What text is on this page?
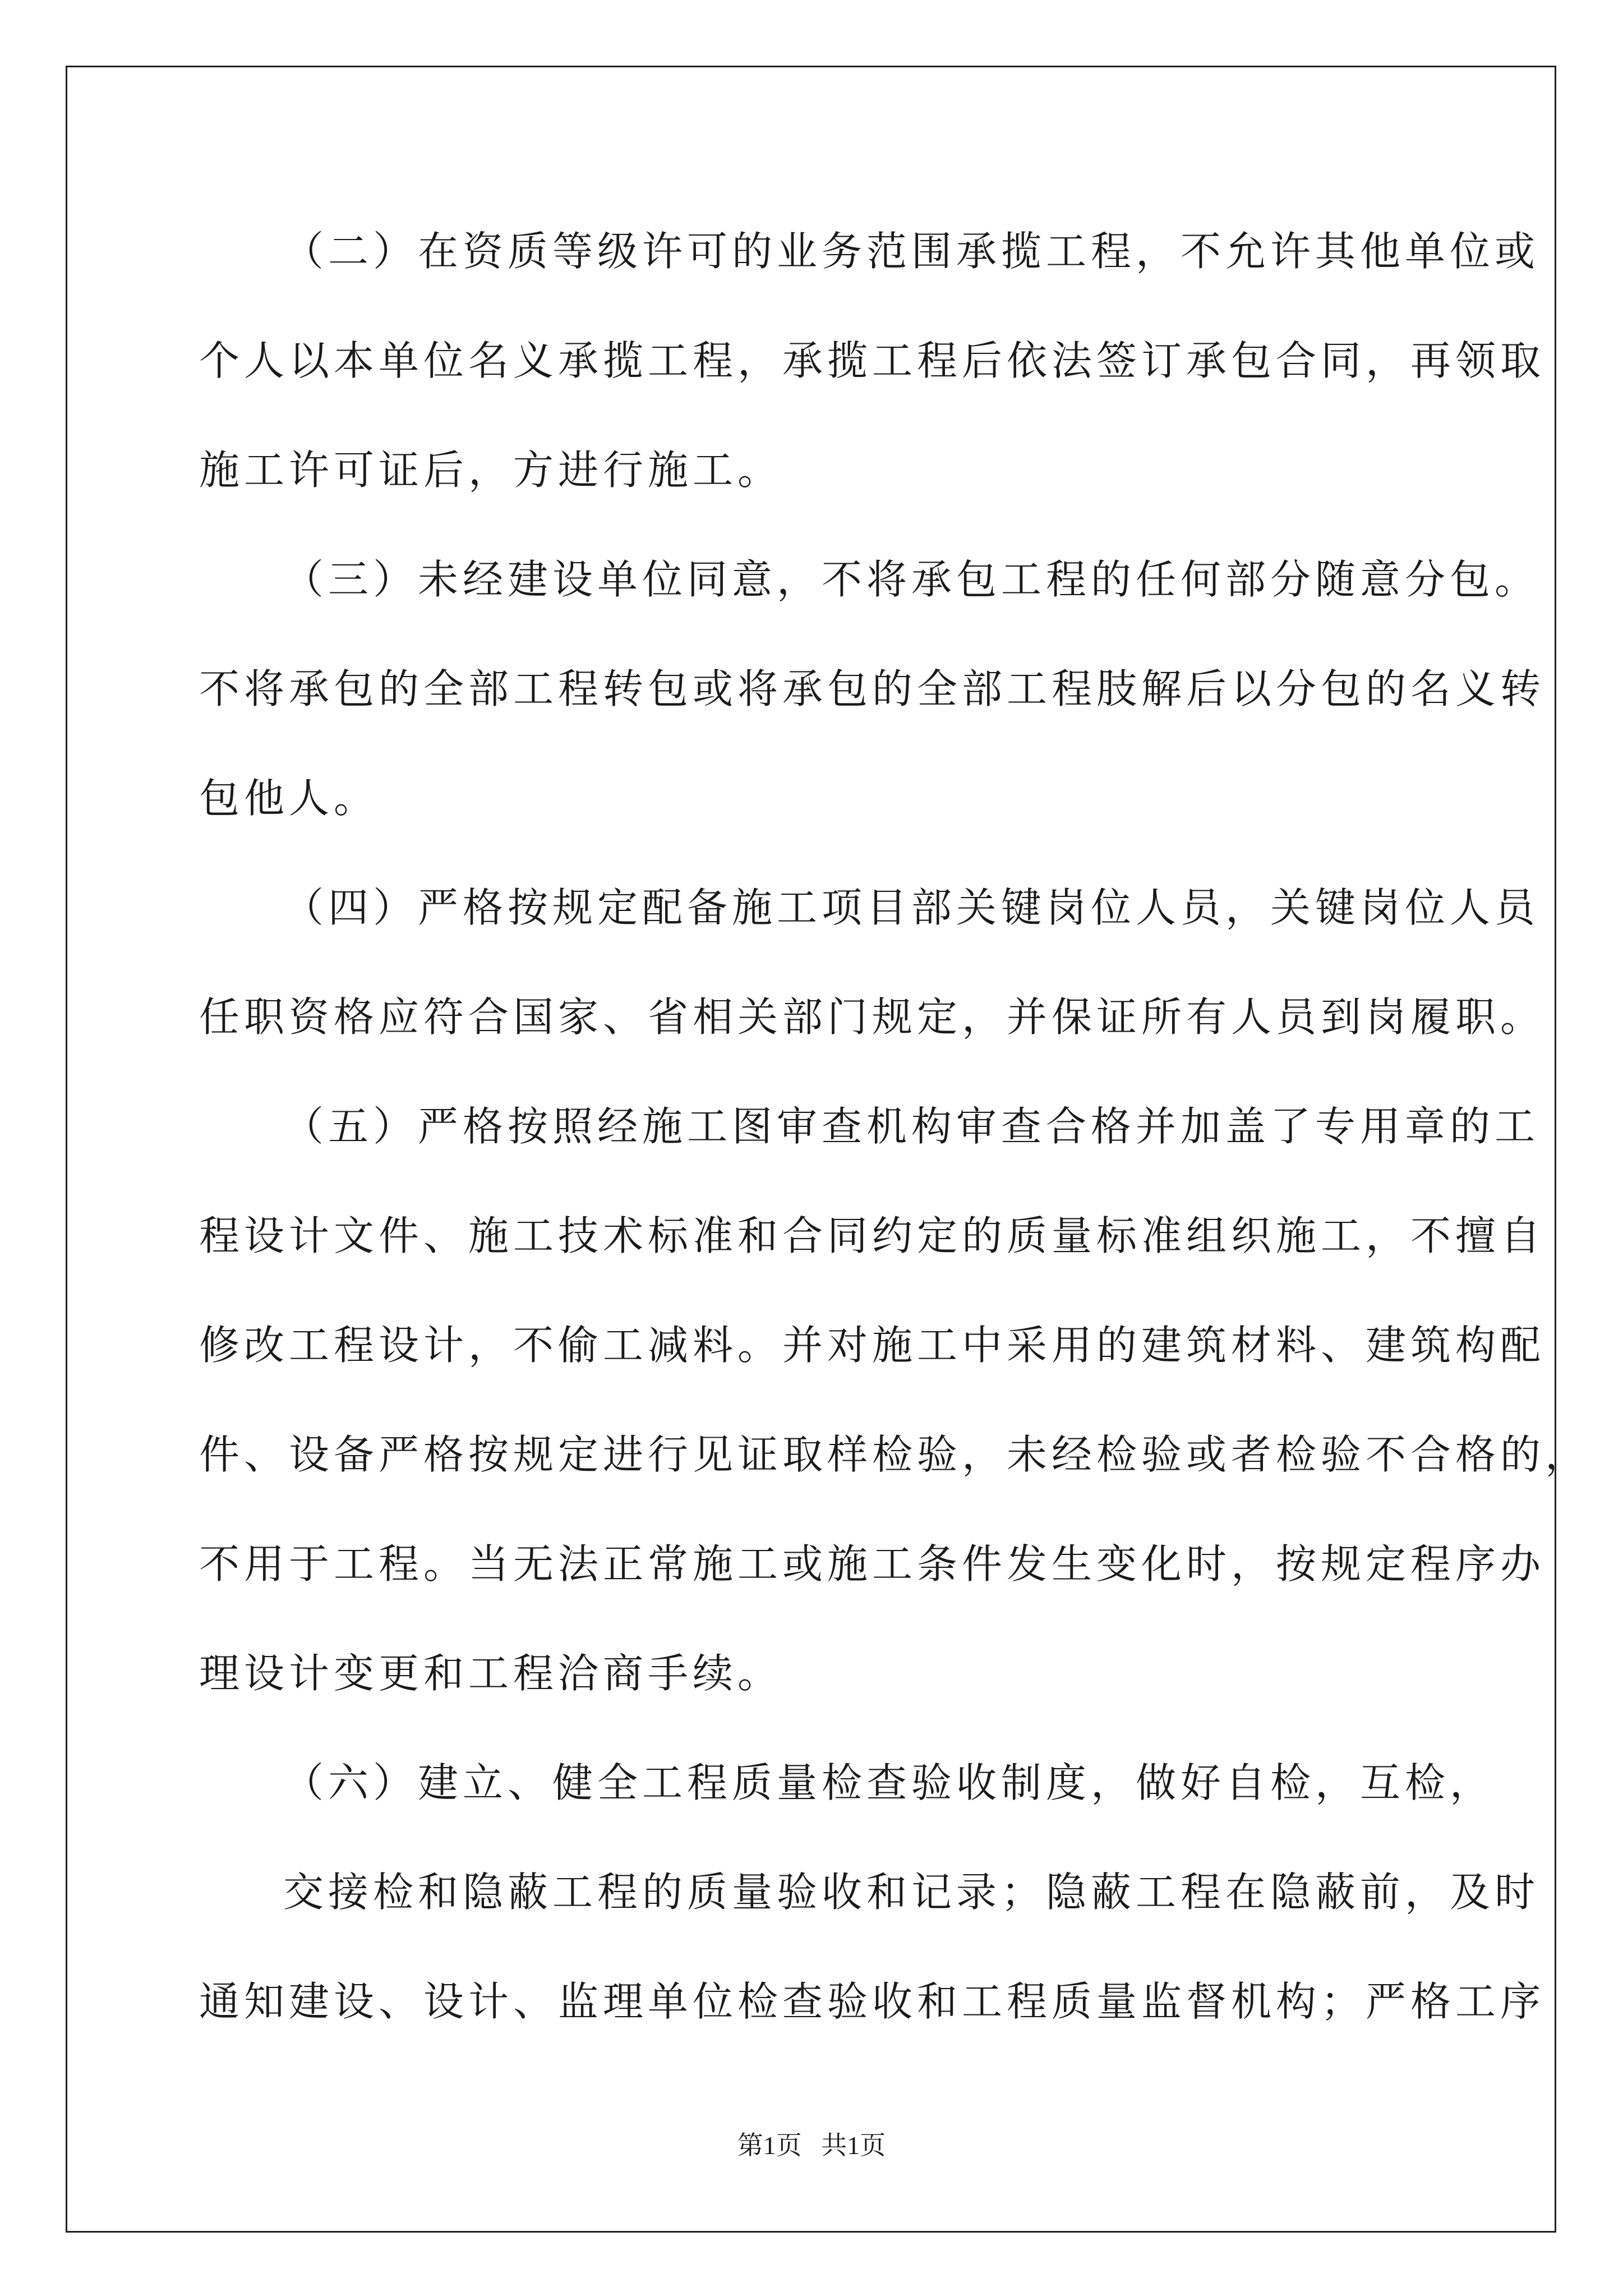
（二）在资质等级许可的业务范围承揽工程，不允许其他单位或
个人以本单位名义承揽工程，承揽工程后依法签订承包合同，再领取
施工许可证后，方进行施工。
（三）未经建设单位同意，不将承包工程的任何部分随意分包。
不将承包的全部工程转包或将承包的全部工程肢解后以分包的名义转
包他人。
（四）严格按规定配备施工项目部关键岗位人员，关键岗位人员
任职资格应符合国家、省相关部门规定，并保证所有人员到岗履职。
（五）严格按照经施工图审查机构审查合格并加盖了专用章的工
程设计文件、施工技术标准和合同约定的质量标准组织施工，不擅自
修改工程设计，不偷工减料。并对施工中采用的建筑材料、建筑构配
件、设备严格按规定进行见证取样检验，未经检验或者检验不合格的，
不用于工程。当无法正常施工或施工条件发生变化时，按规定程序办
理设计变更和工程洽商手续。
（六）建立、健全工程质量检查验收制度，做好自检，互检，
交接检和隐蔽工程的质量验收和记录；隐蔽工程在隐蔽前，及时
通知建设、设计、监理单位检查验收和工程质量监督机构；严格工序
第1页   共1页
